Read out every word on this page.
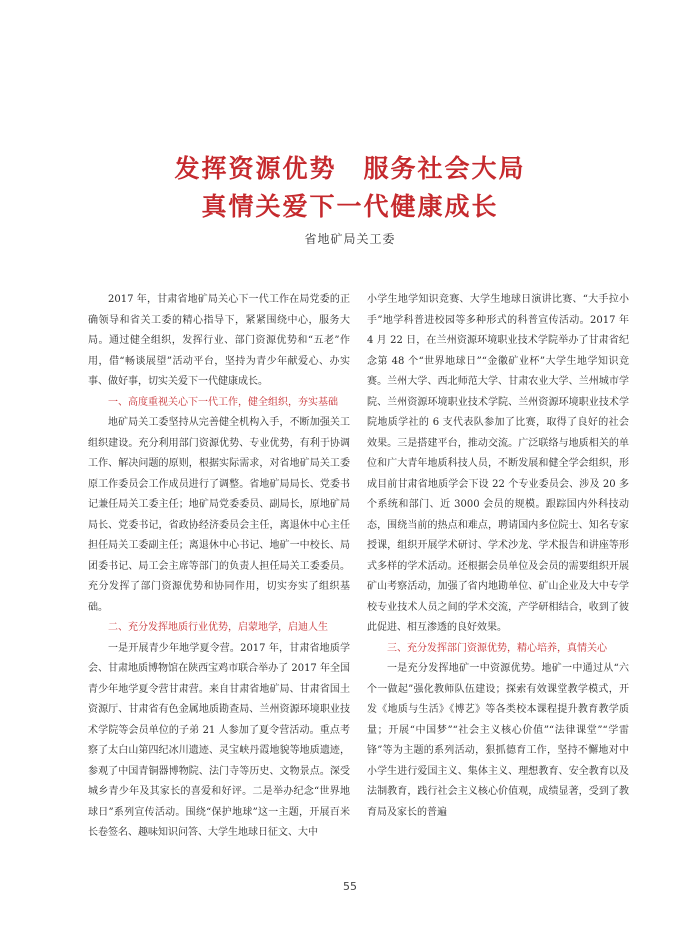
发挥资源优势　服务社会大局
真情关爱下一代健康成长
省地矿局关工委

2017 年，甘肃省地矿局关心下一代工作在局党委的正确领导和省关工委的精心指导下，紧紧围绕中心，服务大局。通过健全组织，发挥行业、部门资源优势和“五老”作用，借“畅谈展望”活动平台，坚持为青少年献爱心、办实事、做好事，切实关爱下一代健康成长。

一、高度重视关心下一代工作，健全组织，夯实基础

地矿局关工委坚持从完善健全机构入手，不断加强关工组织建设。充分利用部门资源优势、专业优势，有利于协调工作、解决问题的原则，根据实际需求，对省地矿局关工委原工作委员会工作成员进行了调整。省地矿局局长、党委书记兼任局关工委主任；地矿局党委委员、副局长，原地矿局局长、党委书记，省政协经济委员会主任，离退休中心主任担任局关工委副主任；离退休中心书记、地矿一中校长、局团委书记、局工会主席等部门的负责人担任局关工委委员。充分发挥了部门资源优势和协同作用，切实夯实了组织基础。

二、充分发挥地质行业优势，启蒙地学，启迪人生

一是开展青少年地学夏令营。2017 年，甘肃省地质学会、甘肃地质博物馆在陕西宝鸡市联合举办了 2017 年全国青少年地学夏令营甘肃营。来自甘肃省地矿局、甘肃省国土资源厅、甘肃省有色金属地质勘查局、兰州资源环境职业技术学院等会员单位的子弟 21 人参加了夏令营活动。重点考察了太白山第四纪冰川遗迹、灵宝峡丹霞地貌等地质遗迹，参观了中国青铜器博物院、法门寺等历史、文物景点。深受城乡青少年及其家长的喜爱和好评。二是举办纪念“世界地球日”系列宣传活动。围绕“保护地球”这一主题，开展百米长卷签名、趣味知识问答、大学生地球日征文、大中

小学生地学知识竞赛、大学生地球日演讲比赛、“大手拉小手”地学科普进校园等多种形式的科普宣传活动。2017 年 4 月 22 日，在兰州资源环境职业技术学院举办了甘肃省纪念第 48 个“世界地球日”“金徽矿业杯”大学生地学知识竞赛。兰州大学、西北师范大学、甘肃农业大学、兰州城市学院、兰州资源环境职业技术学院、兰州资源环境职业技术学院地质学社的 6 支代表队参加了比赛，取得了良好的社会效果。三是搭建平台，推动交流。广泛联络与地质相关的单位和广大青年地质科技人员，不断发展和健全学会组织，形成目前甘肃省地质学会下设 22 个专业委员会、涉及 20 多个系统和部门、近 3000 会员的规模。跟踪国内外科技动态，围绕当前的热点和难点，聘请国内多位院士、知名专家授课，组织开展学术研讨、学术沙龙、学术报告和讲座等形式多样的学术活动。还根据会员单位及会员的需要组织开展矿山考察活动，加强了省内地勘单位、矿山企业及大中专学校专业技术人员之间的学术交流，产学研相结合，收到了彼此促进、相互渗透的良好效果。

三、充分发挥部门资源优势，精心培养，真情关心

一是充分发挥地矿一中资源优势。地矿一中通过从“六个一做起”强化教师队伍建设；探索有效课堂教学模式，开发《地质与生活》《博艺》等各类校本课程提升教育教学质量；开展“中国梦”“社会主义核心价值”“法律课堂”“学雷锋”等为主题的系列活动，狠抓德育工作，坚持不懈地对中小学生进行爱国主义、集体主义、理想教育、安全教育以及法制教育，践行社会主义核心价值观，成绩显著，受到了教育局及家长的普遍

55
